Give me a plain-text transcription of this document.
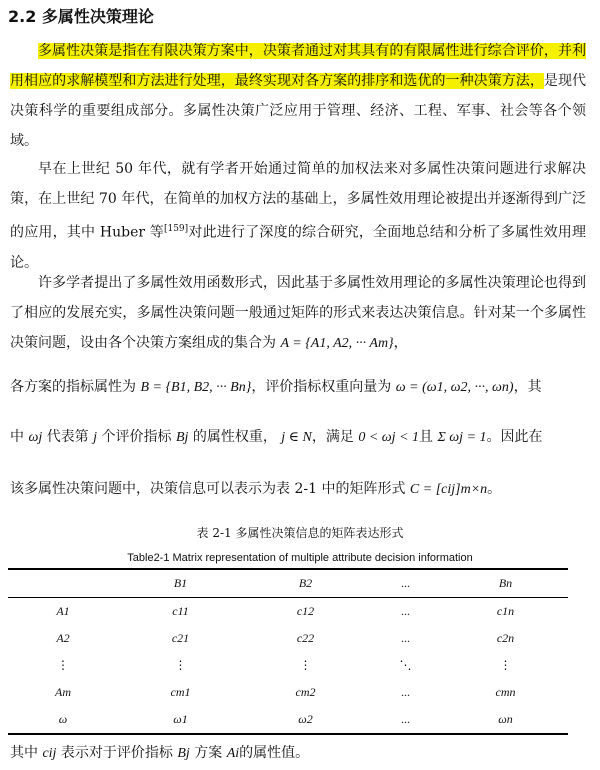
2.2 多属性决策理论

多属性决策是指在有限决策方案中，决策者通过对其具有的有限属性进行综合评价，并利用相应的求解模型和方法进行处理，最终实现对各方案的排序和选优的一种决策方法，是现代决策科学的重要组成部分。多属性决策广泛应用于管理、经济、工程、军事、社会等各个领域。

早在上世纪 50 年代，就有学者开始通过简单的加权法来对多属性决策问题进行求解决策，在上世纪 70 年代，在简单的加权方法的基础上，多属性效用理论被提出并逐渐得到广泛的应用，其中 Huber 等[159]对此进行了深度的综合研究，全面地总结和分析了多属性效用理论。

许多学者提出了多属性效用函数形式，因此基于多属性效用理论的多属性决策理论也得到了相应的发展充实，多属性决策问题一般通过矩阵的形式来表达决策信息。针对某一个多属性决策问题，设由各个决策方案组成的集合为 A = {A1, A2, ··· Am}，

各方案的指标属性为 B = {B1, B2, ··· Bn}，评价指标权重向量为 ω = (ω1, ω2, ···, ωn)，其
中 ωj 代表第 j 个评价指标 Bj 的属性权重， j ∈ N，满足 0 < ωj < 1且 Σ ωj = 1。因此在
该多属性决策问题中，决策信息可以表示为表 2-1 中的矩阵形式 C = [cij]m×n。
表 2-1 多属性决策信息的矩阵表达形式
Table2-1 Matrix representation of multiple attribute decision information
	B1	B2	...	Bn
A1	c11	c12	...	c1n
A2	c21	c22	...	c2n
⋮	⋮	⋮	⋱	⋮
Am	cm1	cm2	...	cmn
ω	ω1	ω2	...	ωn
其中 cij 表示对于评价指标 Bj 方案 Ai的属性值。
